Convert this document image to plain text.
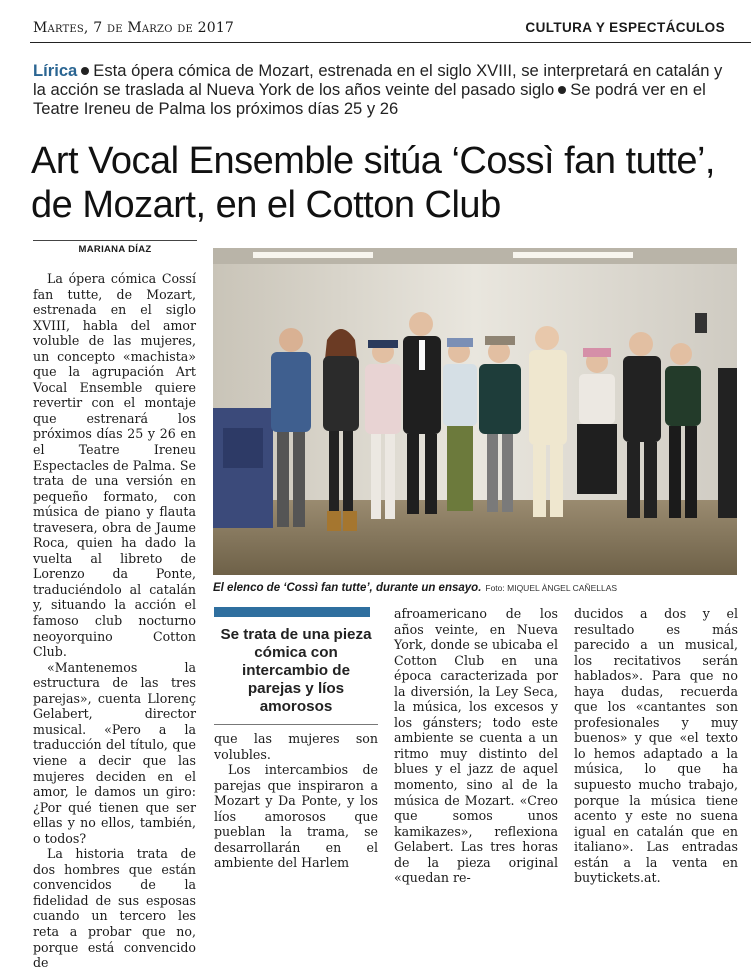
Martes, 7 de Marzo de 2017	CULTURA Y ESPECTÁCULOS
Lírica Esta ópera cómica de Mozart, estrenada en el siglo XVIII, se interpretará en catalán y la acción se traslada al Nueva York de los años veinte del pasado siglo Se podrá ver en el Teatre Ireneu de Palma los próximos días 25 y 26
Art Vocal Ensemble sitúa ‘Cossì fan tutte’, de Mozart, en el Cotton Club
MARIANA DÍAZ

La ópera cómica Cossí fan tutte, de Mozart, estrenada en el siglo XVIII, habla del amor voluble de las mujeres, un concepto «machista» que la agrupación Art Vocal Ensemble quiere revertir con el montaje que estrenará los próximos días 25 y 26 en el Teatre Ireneu Espectacles de Palma. Se trata de una versión en pequeño formato, con música de piano y flauta travesera, obra de Jaume Roca, quien ha dado la vuelta al libreto de Lorenzo da Ponte, traduciéndolo al catalán y, situando la acción el famoso club nocturno neoyorquino Cotton Club.

«Mantenemos la estructura de las tres parejas», cuenta Llorenç Gelabert, director musical. «Pero a la traducción del título, que viene a decir que las mujeres deciden en el amor, le damos un giro: ¿Por qué tienen que ser ellas y no ellos, también, o todos?

La historia trata de dos hombres que están convencidos de la fidelidad de sus esposas cuando un tercero les reta a probar que no, porque está convencido de

El elenco de ‘Cossì fan tutte’, durante un ensayo. Foto: MIQUEL ÀNGEL CAÑELLAS
Se trata de una pieza cómica con intercambio de parejas y líos amorosos

que las mujeres son volubles.

Los intercambios de parejas que inspiraron a Mozart y Da Ponte, y los líos amorosos que pueblan la trama, se desarrollarán en el ambiente del Harlem

afroamericano de los años veinte, en Nueva York, donde se ubicaba el Cotton Club en una época caracterizada por la diversión, la Ley Seca, la música, los excesos y los gánsters; todo este ambiente se cuenta a un ritmo muy distinto del blues y el jazz de aquel momento, sino al de la música de Mozart. «Creo que somos unos kamikazes», reflexiona Gelabert. Las tres horas de la pieza original «quedan re-

ducidos a dos y el resultado es más parecido a un musical, los recitativos serán hablados». Para que no haya dudas, recuerda que los «cantantes son profesionales y muy buenos» y que «el texto lo hemos adaptado a la música, lo que ha supuesto mucho trabajo, porque la música tiene acento y este no suena igual en catalán que en italiano». Las entradas están a la venta en buytickets.at.
